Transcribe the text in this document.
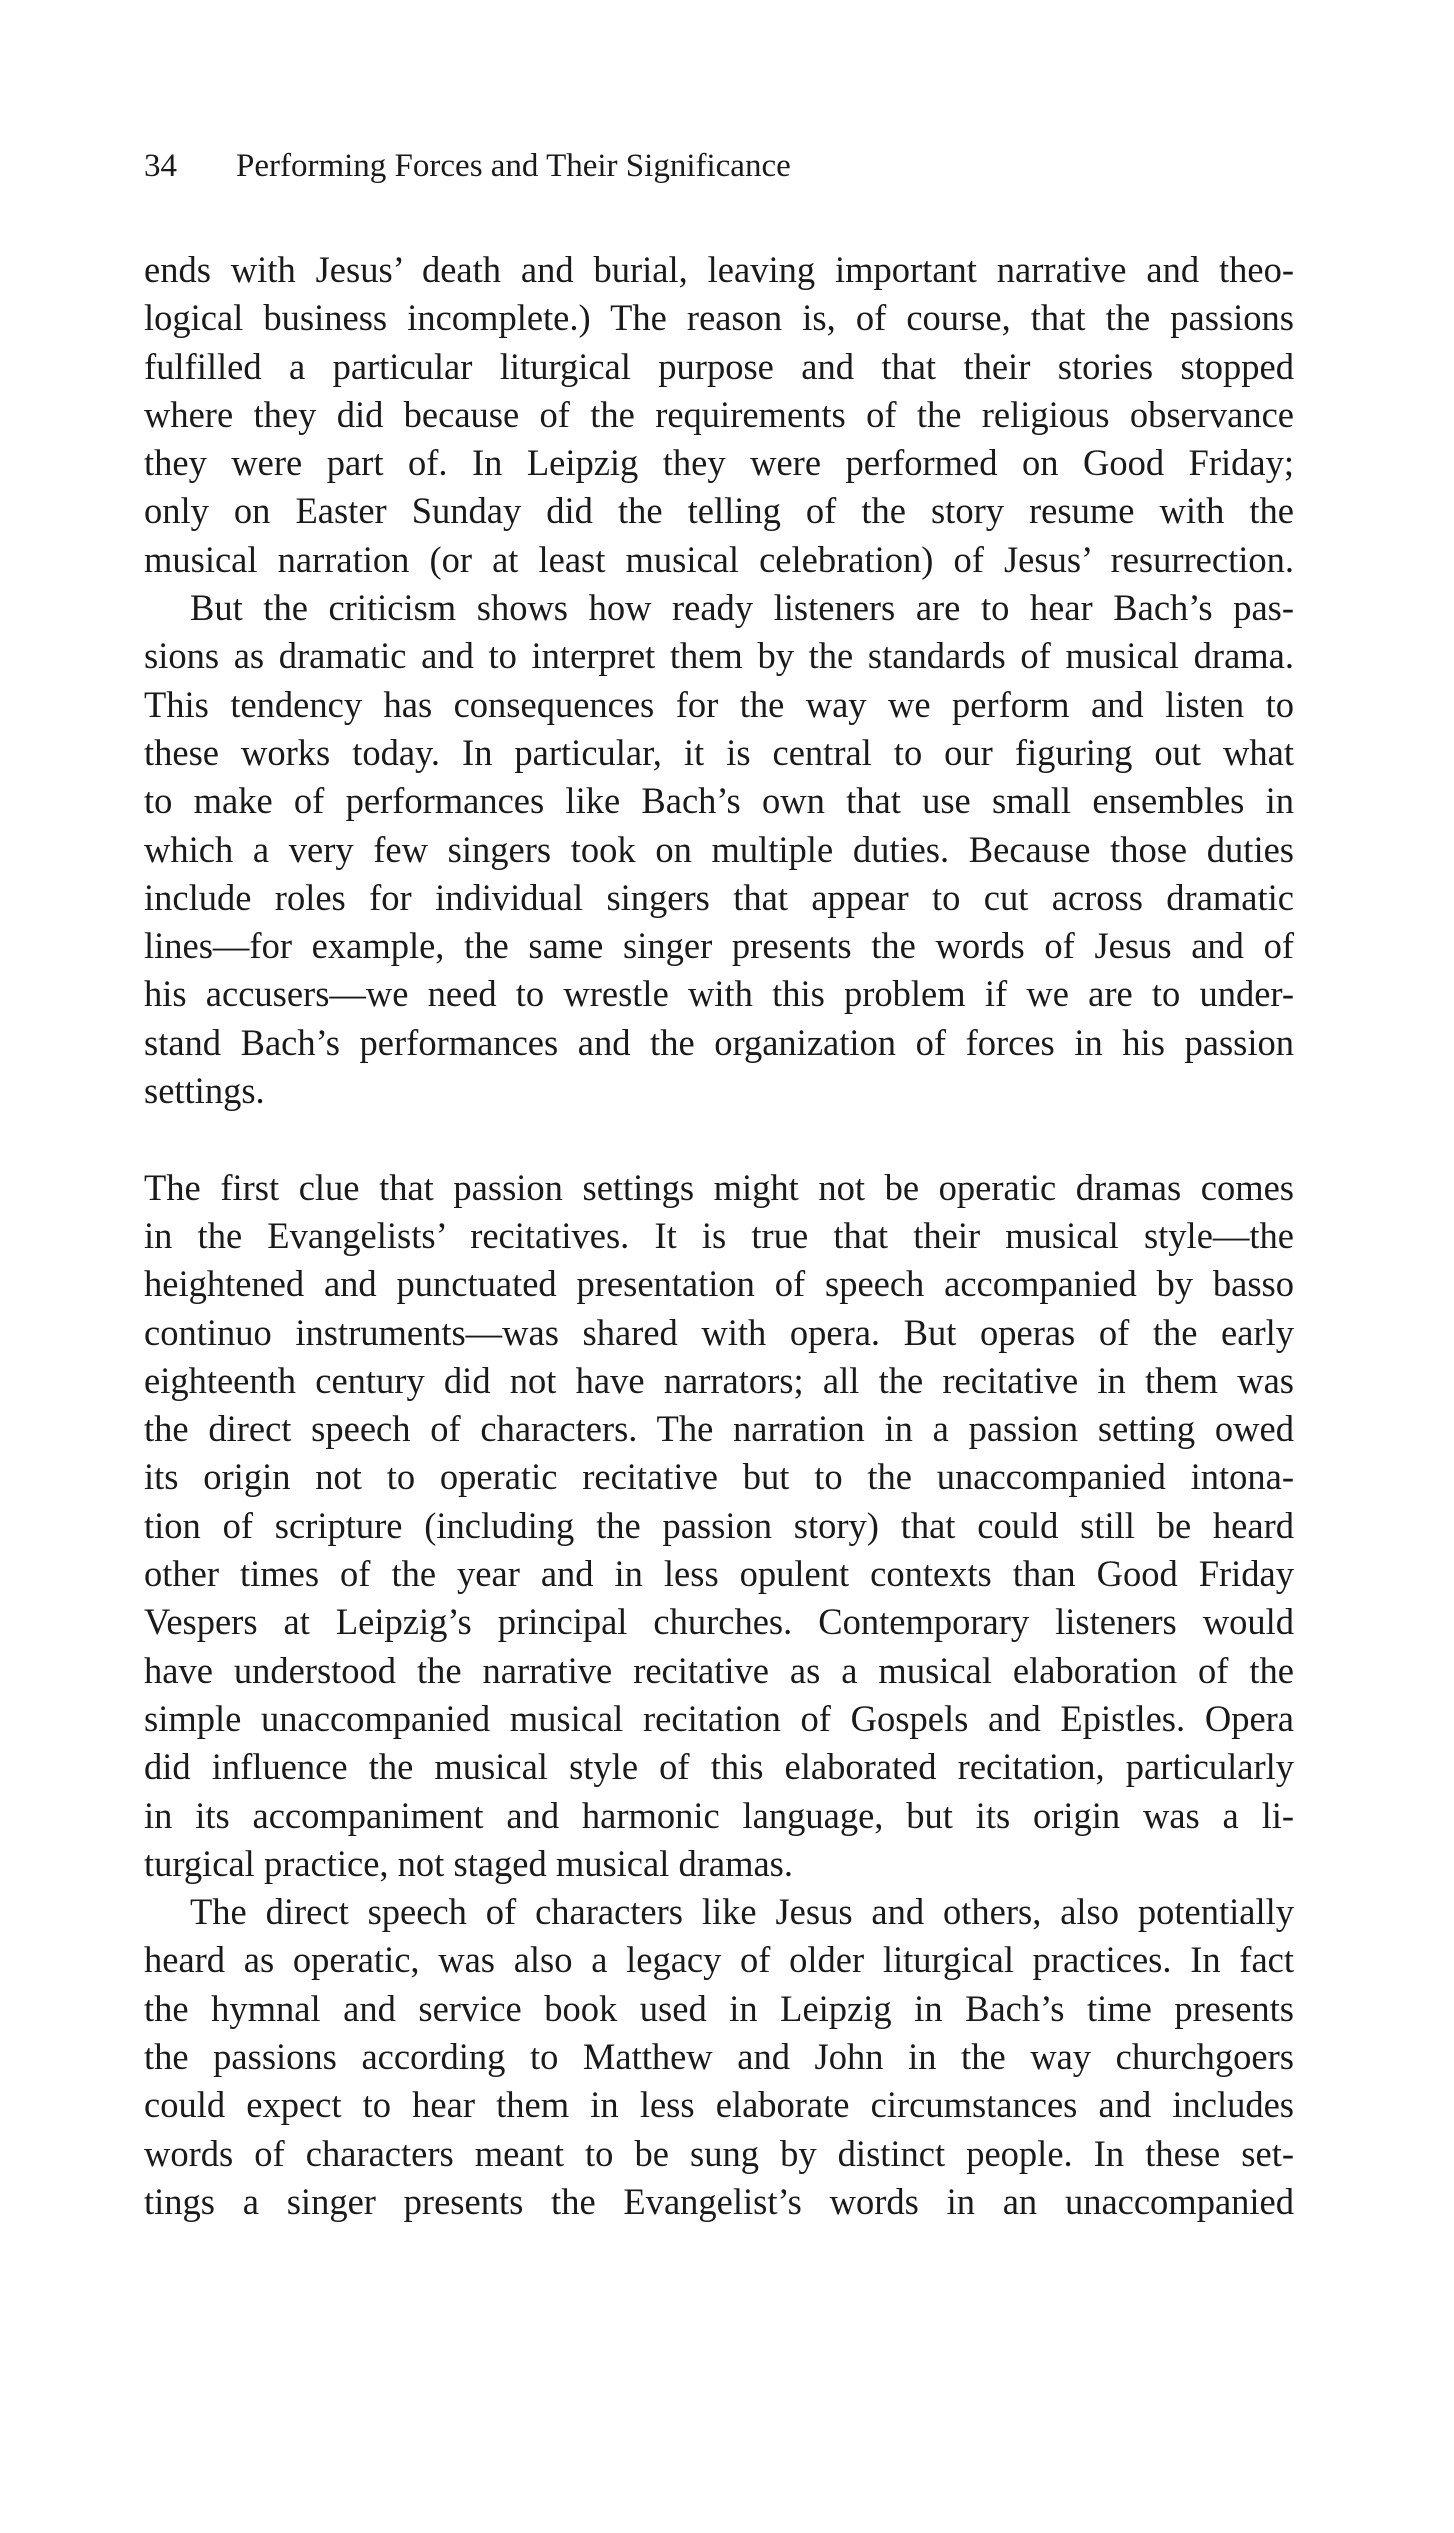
34 Performing Forces and Their Significance
ends with Jesus’ death and burial, leaving important narrative and theo-
logical business incomplete.) The reason is, of course, that the passions
fulfilled a particular liturgical purpose and that their stories stopped
where they did because of the requirements of the religious observance
they were part of. In Leipzig they were performed on Good Friday;
only on Easter Sunday did the telling of the story resume with the
musical narration (or at least musical celebration) of Jesus’ resurrection.
But the criticism shows how ready listeners are to hear Bach’s pas-
sions as dramatic and to interpret them by the standards of musical drama.
This tendency has consequences for the way we perform and listen to
these works today. In particular, it is central to our figuring out what
to make of performances like Bach’s own that use small ensembles in
which a very few singers took on multiple duties. Because those duties
include roles for individual singers that appear to cut across dramatic
lines—for example, the same singer presents the words of Jesus and of
his accusers—we need to wrestle with this problem if we are to under-
stand Bach’s performances and the organization of forces in his passion
settings.
The first clue that passion settings might not be operatic dramas comes
in the Evangelists’ recitatives. It is true that their musical style—the
heightened and punctuated presentation of speech accompanied by basso
continuo instruments—was shared with opera. But operas of the early
eighteenth century did not have narrators; all the recitative in them was
the direct speech of characters. The narration in a passion setting owed
its origin not to operatic recitative but to the unaccompanied intona-
tion of scripture (including the passion story) that could still be heard
other times of the year and in less opulent contexts than Good Friday
Vespers at Leipzig’s principal churches. Contemporary listeners would
have understood the narrative recitative as a musical elaboration of the
simple unaccompanied musical recitation of Gospels and Epistles. Opera
did influence the musical style of this elaborated recitation, particularly
in its accompaniment and harmonic language, but its origin was a li-
turgical practice, not staged musical dramas.
The direct speech of characters like Jesus and others, also potentially
heard as operatic, was also a legacy of older liturgical practices. In fact
the hymnal and service book used in Leipzig in Bach’s time presents
the passions according to Matthew and John in the way churchgoers
could expect to hear them in less elaborate circumstances and includes
words of characters meant to be sung by distinct people. In these set-
tings a singer presents the Evangelist’s words in an unaccompanied
